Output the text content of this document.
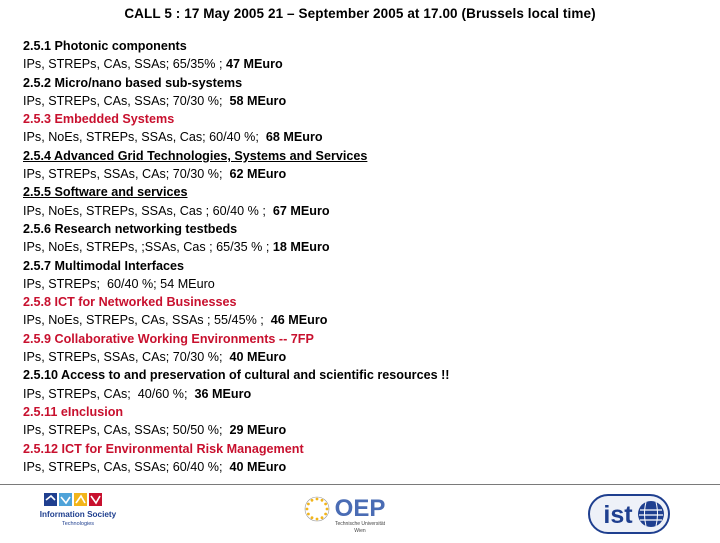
CALL 5 : 17 May 2005 21 – September 2005 at 17.00 (Brussels local time)
2.5.1 Photonic components
IPs, STREPs, CAs, SSAs; 65/35% ; 47 MEuro
2.5.2 Micro/nano based sub-systems
IPs, STREPs, CAs, SSAs; 70/30 %;  58 MEuro
2.5.3 Embedded Systems
IPs, NoEs, STREPs, SSAs, Cas; 60/40 %;  68 MEuro
2.5.4 Advanced Grid Technologies, Systems and Services
IPs, STREPs, SSAs, CAs; 70/30 %;  62 MEuro
2.5.5 Software and services
IPs, NoEs, STREPs, SSAs, Cas ; 60/40 % ;  67 MEuro
2.5.6 Research networking testbeds
IPs, NoEs, STREPs, ;SSAs, Cas ; 65/35 % ; 18 MEuro
2.5.7 Multimodal Interfaces
IPs, STREPs;  60/40 %; 54 MEuro
2.5.8 ICT for Networked Businesses
IPs, NoEs, STREPs, CAs, SSAs ; 55/45% ;  46 MEuro
2.5.9 Collaborative Working Environments -- 7FP
IPs, STREPs, SSAs, CAs; 70/30 %;  40 MEuro
2.5.10 Access to and preservation of cultural and scientific resources !!
IPs, STREPs, CAs;  40/60 %;  36 MEuro
2.5.11 eInclusion
IPs, STREPs, CAs, SSAs; 50/50 %;  29 MEuro
2.5.12 ICT for Environmental Risk Management
IPs, STREPs, CAs, SSAs; 60/40 %;  40 MEuro
Information Society
Technologies
OEP
Technische Universität
Wien
ist
